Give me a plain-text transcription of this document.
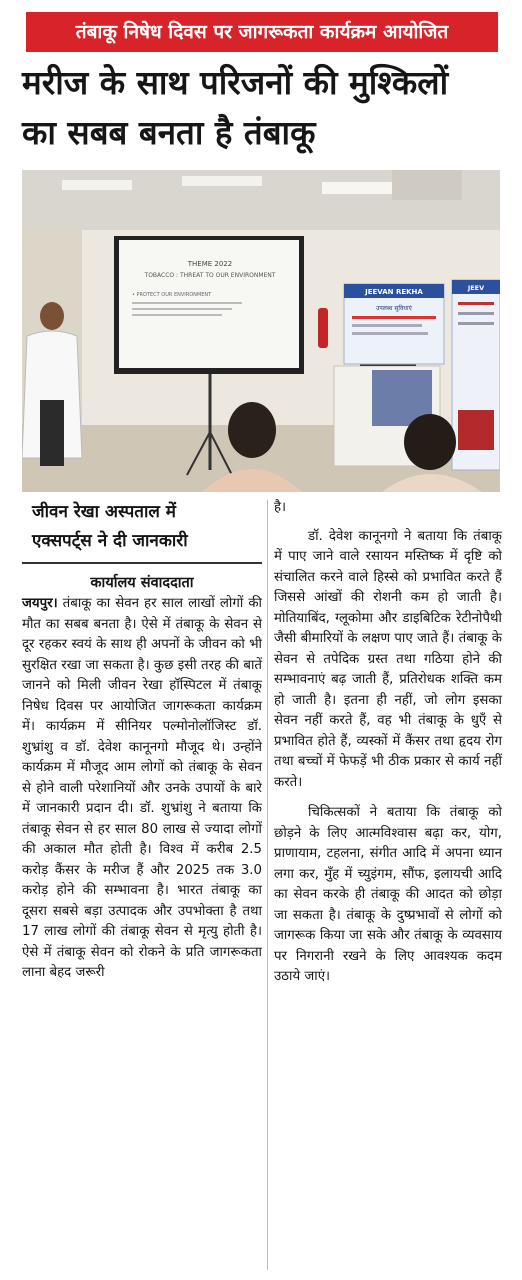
तंबाकू निषेध दिवस पर जागरूकता कार्यक्रम आयोजित
मरीज के साथ परिजनों की मुश्किलों
का सबब बनता है तंबाकू
THEME 2022
TOBACCO : THREAT TO OUR ENVIRONMENT
• PROTECT OUR ENVIRONMENT	JEEVAN REKHA
उपलब्ध सुविधाएं
JEEV
जीवन रेखा अस्पताल में
एक्सपर्ट्स ने दी जानकारी

कार्यालय संवाददाता

जयपुर। तंबाकू का सेवन हर साल लाखों लोगों की मौत का सबब बनता है। ऐसे में तंबाकू के सेवन से दूर रहकर स्वयं के साथ ही अपनों के जीवन को भी सुरक्षित रखा जा सकता है। कुछ इसी तरह की बातें जानने को मिली जीवन रेखा हॉस्पिटल में तंबाकू निषेध दिवस पर आयोजित जागरूकता कार्यक्रम में। कार्यक्रम में सीनियर पल्मोनोलॉजिस्ट डॉ. शुभ्रांशु व डॉ. देवेश कानूनगो मौजूद थे। उन्होंने कार्यक्रम में मौजूद आम लोगों को तंबाकू के सेवन से होने वाली परेशानियों और उनके उपायों के बारे में जानकारी प्रदान दी। डॉ. शुभ्रांशु ने बताया कि तंबाकू सेवन से हर साल 80 लाख से ज्यादा लोगों की अकाल मौत होती है। विश्व में करीब 2.5 करोड़ कैंसर के मरीज हैं और 2025 तक 3.0 करोड़ होने की सम्भावना है। भारत तंबाकू का दूसरा सबसे बड़ा उत्पादक और उपभोक्ता है तथा 17 लाख लोगों की तंबाकू सेवन से मृत्यु होती है। ऐसे में तंबाकू सेवन को रोकने के प्रति जागरूकता लाना बेहद जरूरी

है।

डॉ. देवेश कानूनगो ने बताया कि तंबाकू में पाए जाने वाले रसायन मस्तिष्क में दृष्टि को संचालित करने वाले हिस्से को प्रभावित करते हैं जिससे आंखों की रोशनी कम हो जाती है। मोतियाबिंद, ग्लूकोमा और डाइबिटिक रेटीनोपैथी जैसी बीमारियों के लक्षण पाए जाते हैं। तंबाकू के सेवन से तपेदिक ग्रस्त तथा गठिया होने की सम्भावनाएं बढ़ जाती हैं, प्रतिरोधक शक्ति कम हो जाती है। इतना ही नहीं, जो लोग इसका सेवन नहीं करते हैं, वह भी तंबाकू के धुएँ से प्रभावित होते हैं, व्यस्कों में कैंसर तथा हृदय रोग तथा बच्चों में फेफड़ें भी ठीक प्रकार से कार्य नहीं करते।

चिकित्सकों ने बताया कि तंबाकू को छोड़ने के लिए आत्मविश्वास बढ़ा कर, योग, प्राणायाम, टहलना, संगीत आदि में अपना ध्यान लगा कर, मुँह में च्युइंगम, सौंफ, इलायची आदि का सेवन करके ही तंबाकू की आदत को छोड़ा जा सकता है। तंबाकू के दुष्प्रभावों से लोगों को जागरूक किया जा सके और तंबाकू के व्यवसाय पर निगरानी रखने के लिए आवश्यक कदम उठाये जाएं।
